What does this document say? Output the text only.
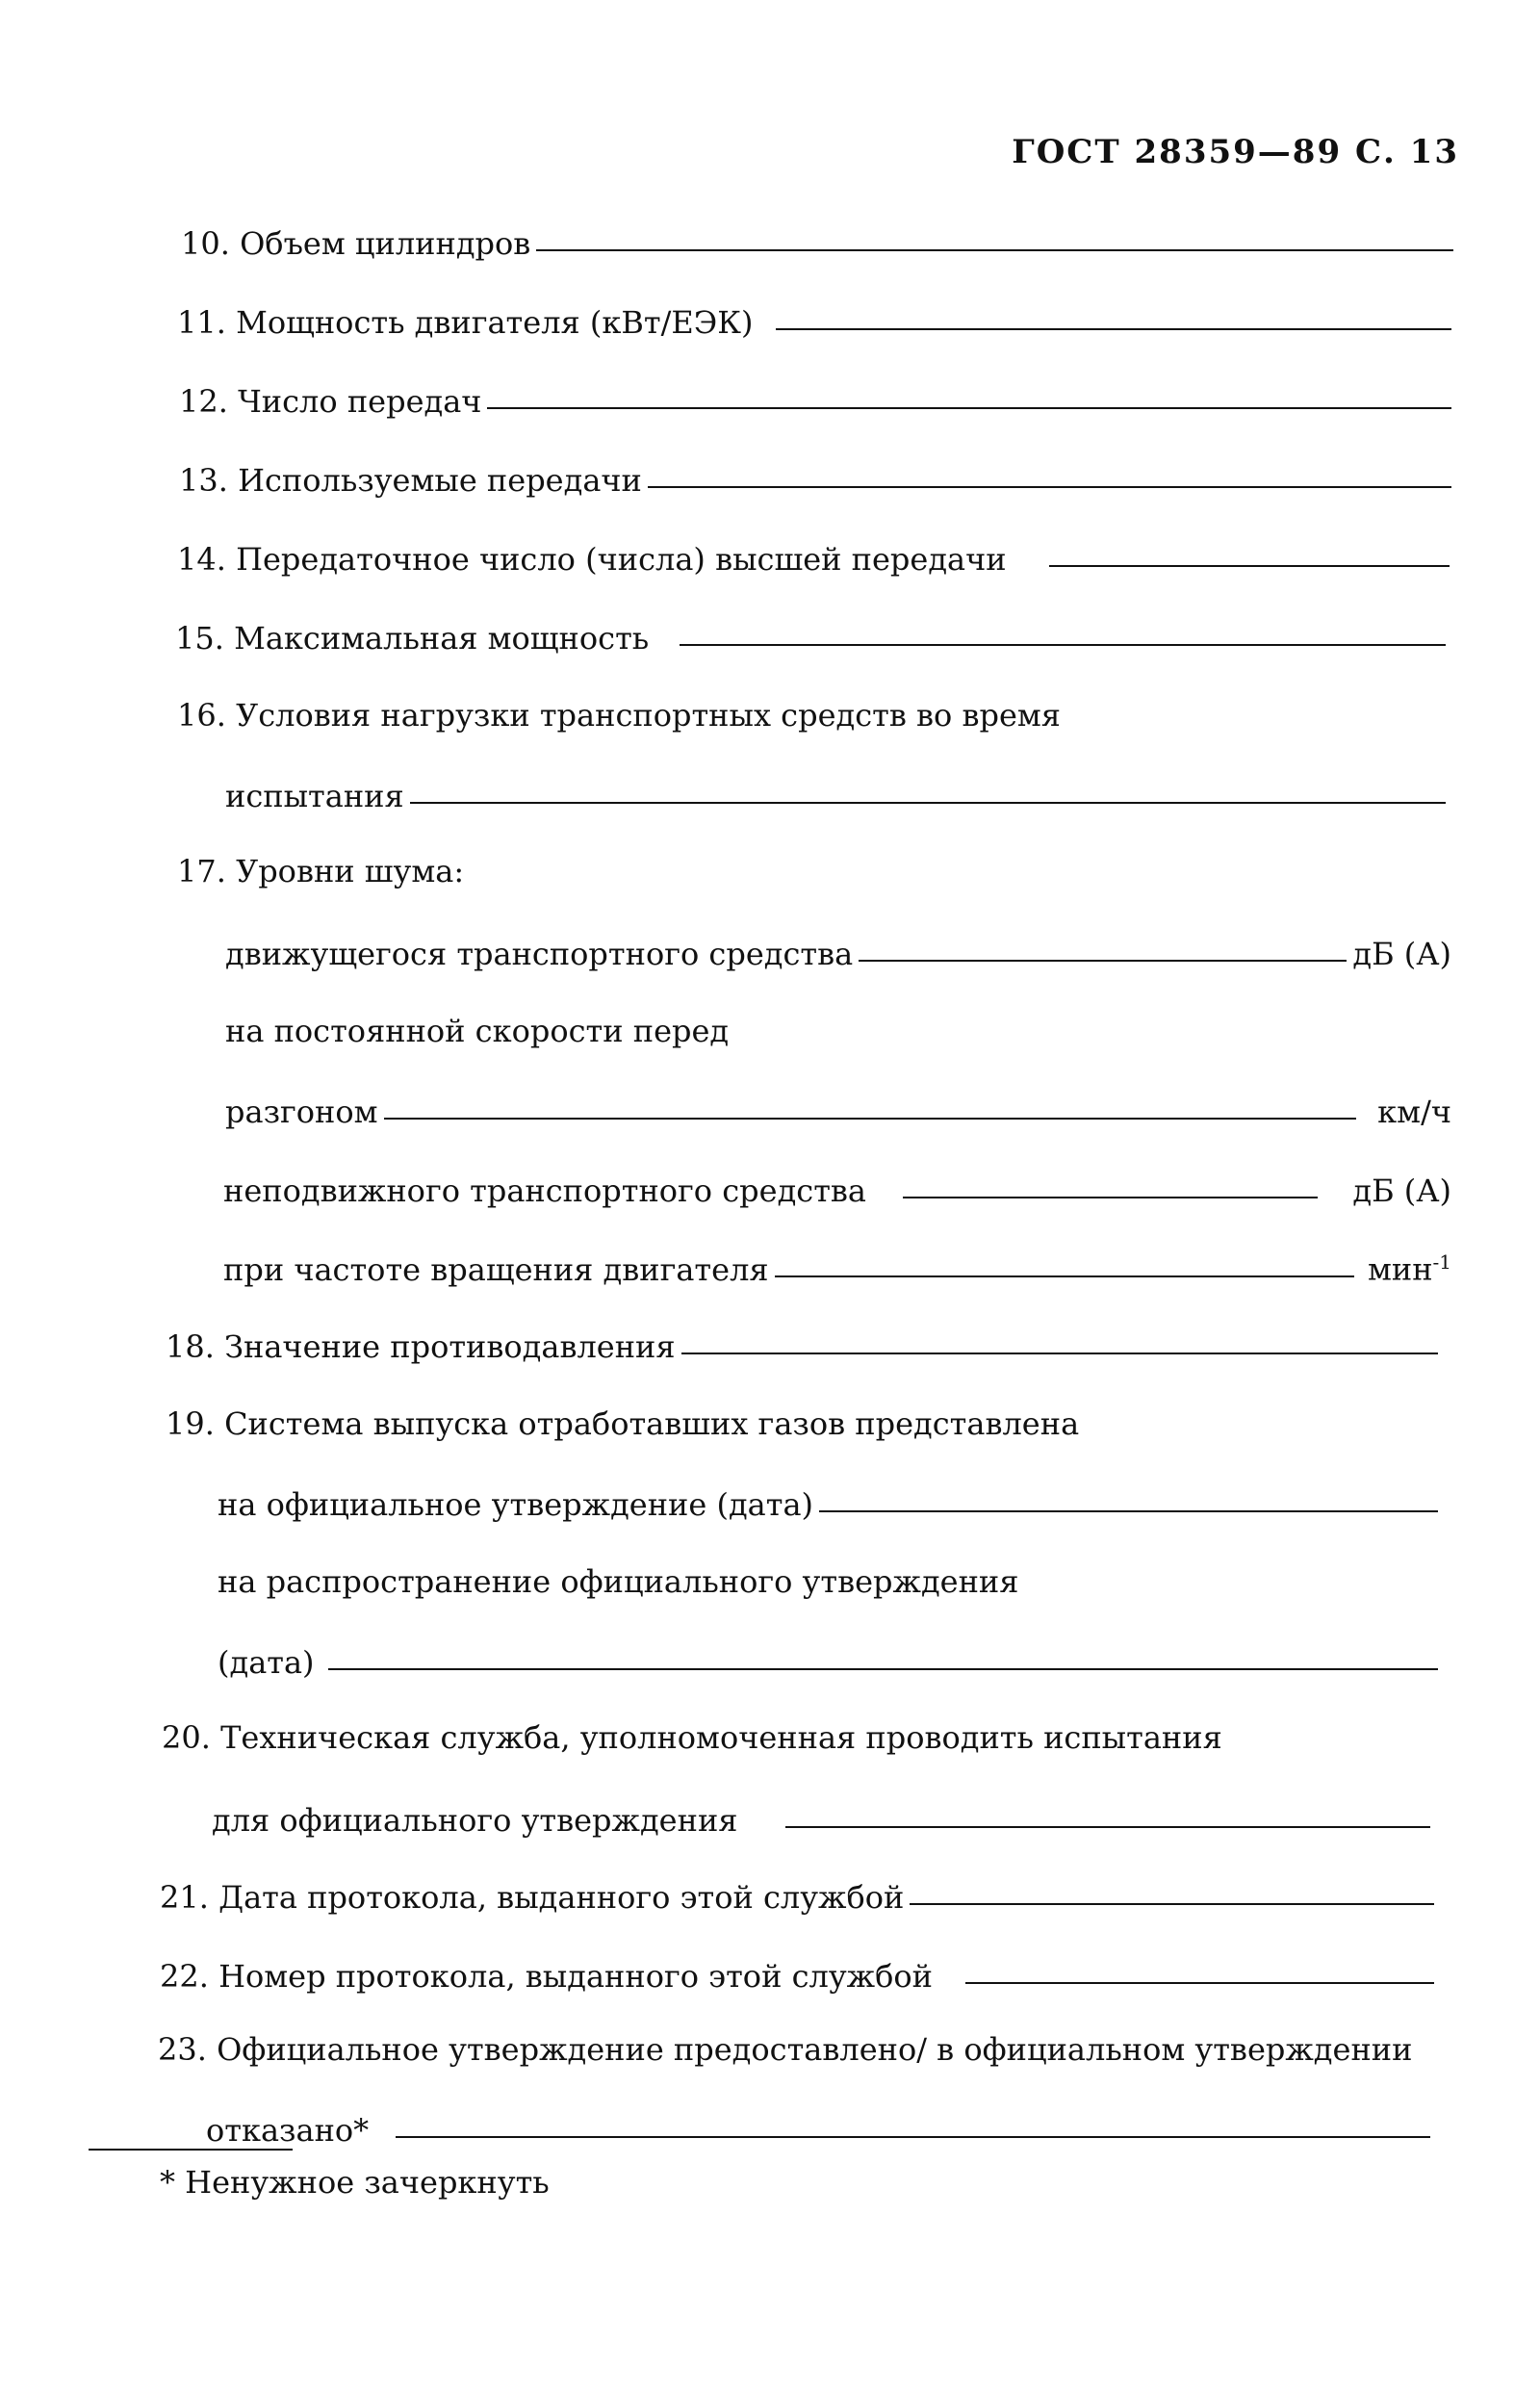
ГОСТ 28359—89 С. 13
10. Объем цилиндров
11. Мощность двигателя (кВт/ЕЭК)
12. Число передач
13. Используемые передачи
14. Передаточное число (числа) высшей передачи
15. Максимальная мощность
16. Условия нагрузки транспортных средств во время
испытания
17. Уровни шума:
движущегося транспортного средства	дБ (А)
на постоянной скорости перед
разгоном	км/ч
неподвижного транспортного средства	дБ (А)
при частоте вращения двигателя	мин$^{-1}$
18. Значение противодавления
19. Система выпуска отработавших газов представлена
на официальное утверждение (дата)
на распространение официального утверждения
(дата)
20. Техническая служба, уполномоченная проводить испытания
для официального утверждения
21. Дата протокола, выданного этой службой
22. Номер протокола, выданного этой службой
23. Официальное утверждение предоставлено/ в официальном утверждении
отказано*
* Ненужное зачеркнуть
